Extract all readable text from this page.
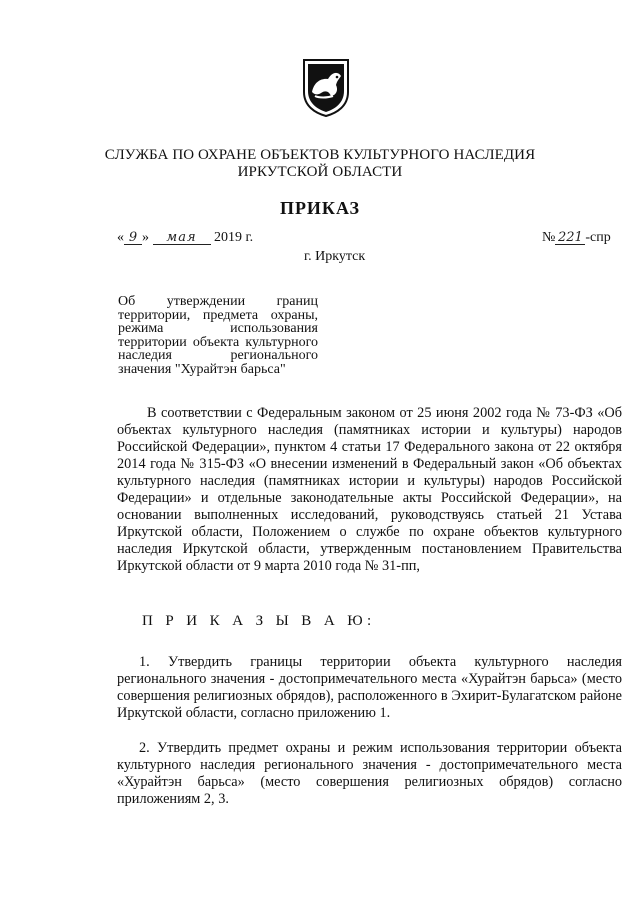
СЛУЖБА ПО ОХРАНЕ ОБЪЕКТОВ КУЛЬТУРНОГО НАСЛЕДИЯ
ИРКУТСКОЙ ОБЛАСТИ
ПРИКАЗ
« 9 » мая 2019 г.
г. Иркутск
№ 221 -спр
Об утверждении границ территории, предмета охраны, режима использования территории объекта культурного наследия регионального значения "Хурайтэн барьса"
В соответствии с Федеральным законом от 25 июня 2002 года № 73-ФЗ «Об объектах культурного наследия (памятниках истории и культуры) народов Российской Федерации», пунктом 4 статьи 17 Федерального закона от 22 октября 2014 года № 315-ФЗ «О внесении изменений в Федеральный закон «Об объектах культурного наследия (памятниках истории и культуры) народов Российской Федерации» и отдельные законодательные акты Российской Федерации», на основании выполненных исследований, руководствуясь статьей 21 Устава Иркутской области, Положением о службе по охране объектов культурного наследия Иркутской области, утвержденным постановлением Правительства Иркутской области от 9 марта 2010 года № 31-пп,
П Р И К А З Ы В А Ю:
1. Утвердить границы территории объекта культурного наследия регионального значения - достопримечательного места «Хурайтэн барьса» (место совершения религиозных обрядов), расположенного в Эхирит-Булагатском районе Иркутской области, согласно приложению 1.
2. Утвердить предмет охраны и режим использования территории объекта культурного наследия регионального значения - достопримечательного места «Хурайтэн барьса» (место совершения религиозных обрядов) согласно приложениям 2, 3.
